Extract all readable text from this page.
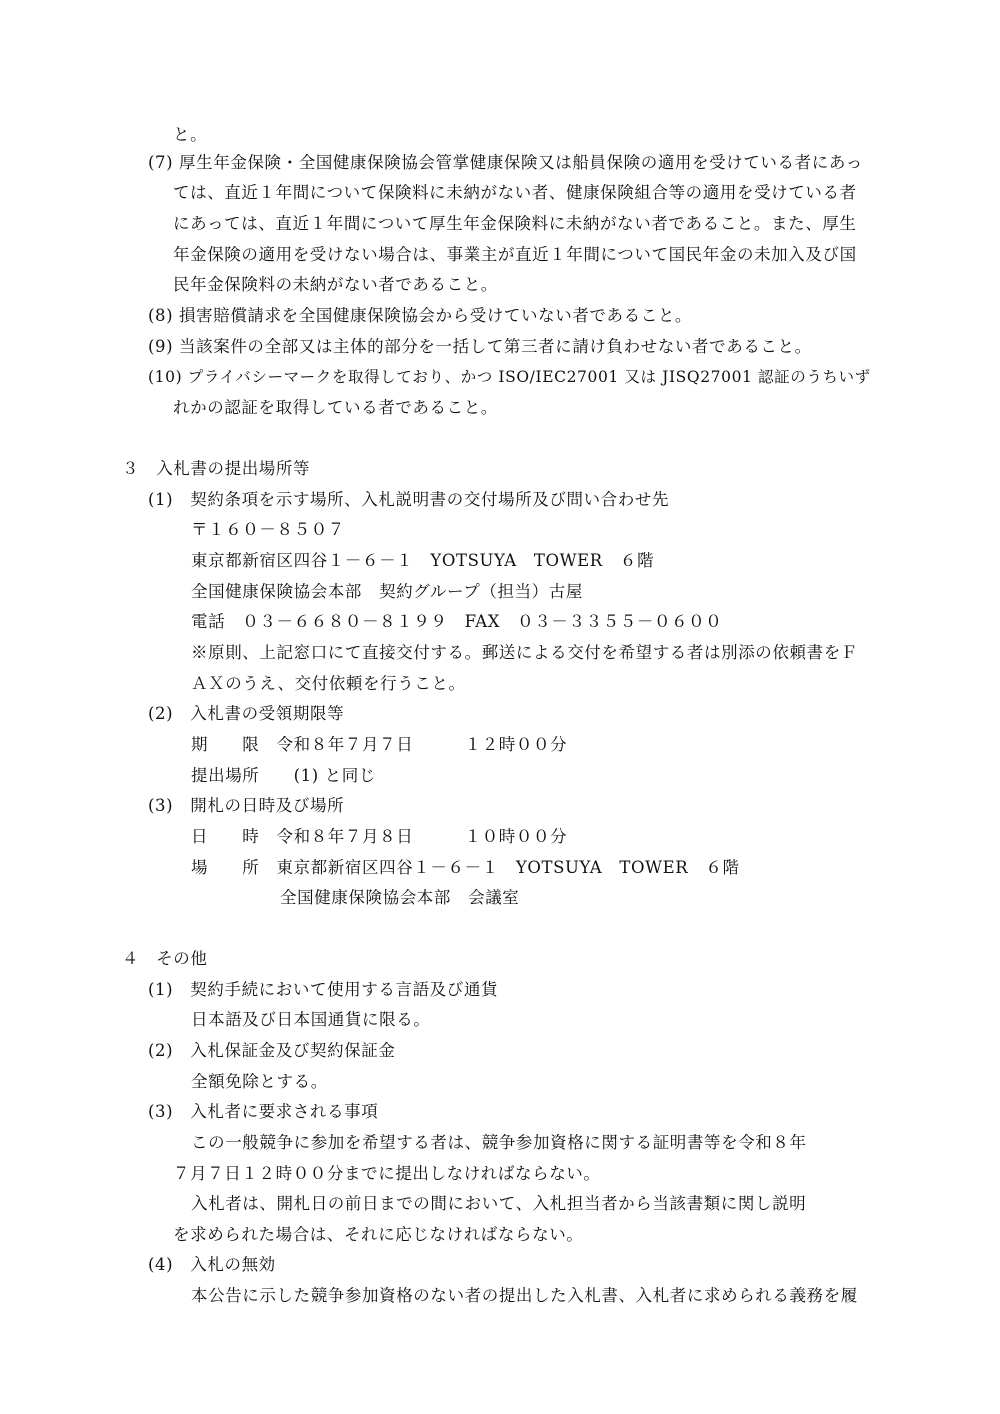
と。
(7) 厚生年金保険・全国健康保険協会管掌健康保険又は船員保険の適用を受けている者にあっ
ては、直近１年間について保険料に未納がない者、健康保険組合等の適用を受けている者
にあっては、直近１年間について厚生年金保険料に未納がない者であること。また、厚生
年金保険の適用を受けない場合は、事業主が直近１年間について国民年金の未加入及び国
民年金保険料の未納がない者であること。
(8) 損害賠償請求を全国健康保険協会から受けていない者であること。
(9) 当該案件の全部又は主体的部分を一括して第三者に請け負わせない者であること。
(10) プライバシーマークを取得しており、かつ ISO/IEC27001 又は JISQ27001 認証のうちいず
れかの認証を取得している者であること。
３　入札書の提出場所等
(1)　契約条項を示す場所、入札説明書の交付場所及び問い合わせ先
〒１６０－８５０７
東京都新宿区四谷１－６－１　YOTSUYA　TOWER　６階
全国健康保険協会本部　契約グループ（担当）古屋
電話　０３－６６８０－８１９９　FAX　０３－３３５５－０６００
※原則、上記窓口にて直接交付する。郵送による交付を希望する者は別添の依頼書をＦ
ＡＸのうえ、交付依頼を行うこと。
(2)　入札書の受領期限等
期　　限　令和８年７月７日　　　１２時００分
提出場所　　(1) と同じ
(3)　開札の日時及び場所
日　　時　令和８年７月８日　　　１０時００分
場　　所　東京都新宿区四谷１－６－１　YOTSUYA　TOWER　６階
全国健康保険協会本部　会議室
４　その他
(1)　契約手続において使用する言語及び通貨
日本語及び日本国通貨に限る。
(2)　入札保証金及び契約保証金
全額免除とする。
(3)　入札者に要求される事項
この一般競争に参加を希望する者は、競争参加資格に関する証明書等を令和８年
７月７日１２時００分までに提出しなければならない。
入札者は、開札日の前日までの間において、入札担当者から当該書類に関し説明
を求められた場合は、それに応じなければならない。
(4)　入札の無効
本公告に示した競争参加資格のない者の提出した入札書、入札者に求められる義務を履
